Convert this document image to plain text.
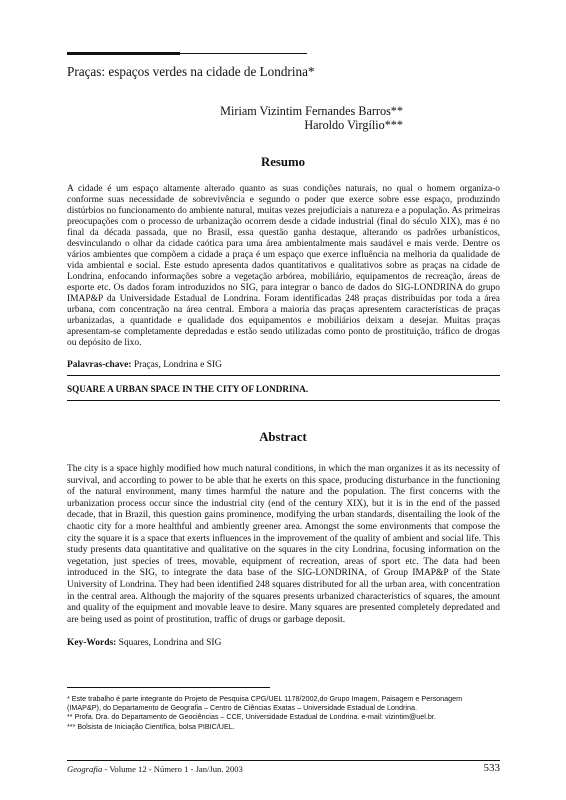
Praças: espaços verdes na cidade de Londrina*
Miriam Vizintim Fernandes Barros**
Haroldo Virgílio***
Resumo
A cidade é um espaço altamente alterado quanto as suas condições naturais, no qual o homem organiza-o conforme suas necessidade de sobrevivência e segundo o poder que exerce sobre esse espaço, produzindo distúrbios no funcionamento do ambiente natural, muitas vezes prejudiciais a natureza e a população. As primeiras preocupações com o processo de urbanização ocorrem desde a cidade industrial (final do século XIX), mas é no final da década passada, que no Brasil, essa questão ganha destaque, alterando os padrões urbanísticos, desvinculando o olhar da cidade caótica para uma área ambientalmente mais saudável e mais verde. Dentre os vários ambientes que compõem a cidade a praça é um espaço que exerce influência na melhoria da qualidade de vida ambiental e social. Este estudo apresenta dados quantitativos e qualitativos sobre as praças na cidade de Londrina, enfocando informações sobre a vegetação arbórea, mobiliário, equipamentos de recreação, áreas de esporte etc. Os dados foram introduzidos no SIG, para integrar o banco de dados do SIG-LONDRINA do grupo IMAP&P da Universidade Estadual de Londrina. Foram identificadas 248 praças distribuídas por toda a área urbana, com concentração na área central. Embora a maioria das praças apresentem características de praças urbanizadas, a quantidade e qualidade dos equipamentos e mobiliários deixam a desejar. Muitas praças apresentam-se completamente depredadas e estão sendo utilizadas como ponto de prostituição, tráfico de drogas ou depósito de lixo.
Palavras-chave: Praças, Londrina e SIG
SQUARE A URBAN SPACE IN THE CITY OF LONDRINA.
Abstract
The city is a space highly modified how much natural conditions, in which the man organizes it as its necessity of survival, and according to power to be able that he exerts on this space, producing disturbance in the functioning of the natural environment, many times harmful the nature and the population. The first concerns with the urbanization process occur since the industrial city (end of the century XIX), but it is in the end of the passed decade, that in Brazil, this question gains prominence, modifying the urban standards, disentailing the look of the chaotic city for a more healthful and ambiently greener area. Amongst the some environments that compose the city the square it is a space that exerts influences in the improvement of the quality of ambient and social life. This study presents data quantitative and qualitative on the squares in the city Londrina, focusing information on the vegetation, just species of trees, movable, equipment of recreation, areas of sport etc. The data had been introduced in the SIG, to integrate the data base of the SIG-LONDRINA, of Group IMAP&P of the State University of Londrina. They had been identified 248 squares distributed for all the urban area, with concentration in the central area. Although the majority of the squares presents urbanized characteristics of squares, the amount and quality of the equipment and movable leave to desire. Many squares are presented completely depredated and are being used as point of prostitution, traffic of drugs or garbage deposit.
Key-Words: Squares, Londrina and SIG
* Este trabalho é parte integrante do Projeto de Pesquisa CPG/UEL 1178/2002,do Grupo Imagem, Paisagem e Personagem
(IMAP&P), do Departamento de Geografia – Centro de Ciências Exatas – Universidade Estadual de Londrina.
** Profa. Dra. do Departamento de Geociências – CCE, Universidade Estadual de Londrina. e-mail: vizintim@uel.br.
*** Bolsista de Iniciação Científica, bolsa PIBIC/UEL.
Geografia - Volume 12 - Número 1 - Jan/Jun. 2003	533
